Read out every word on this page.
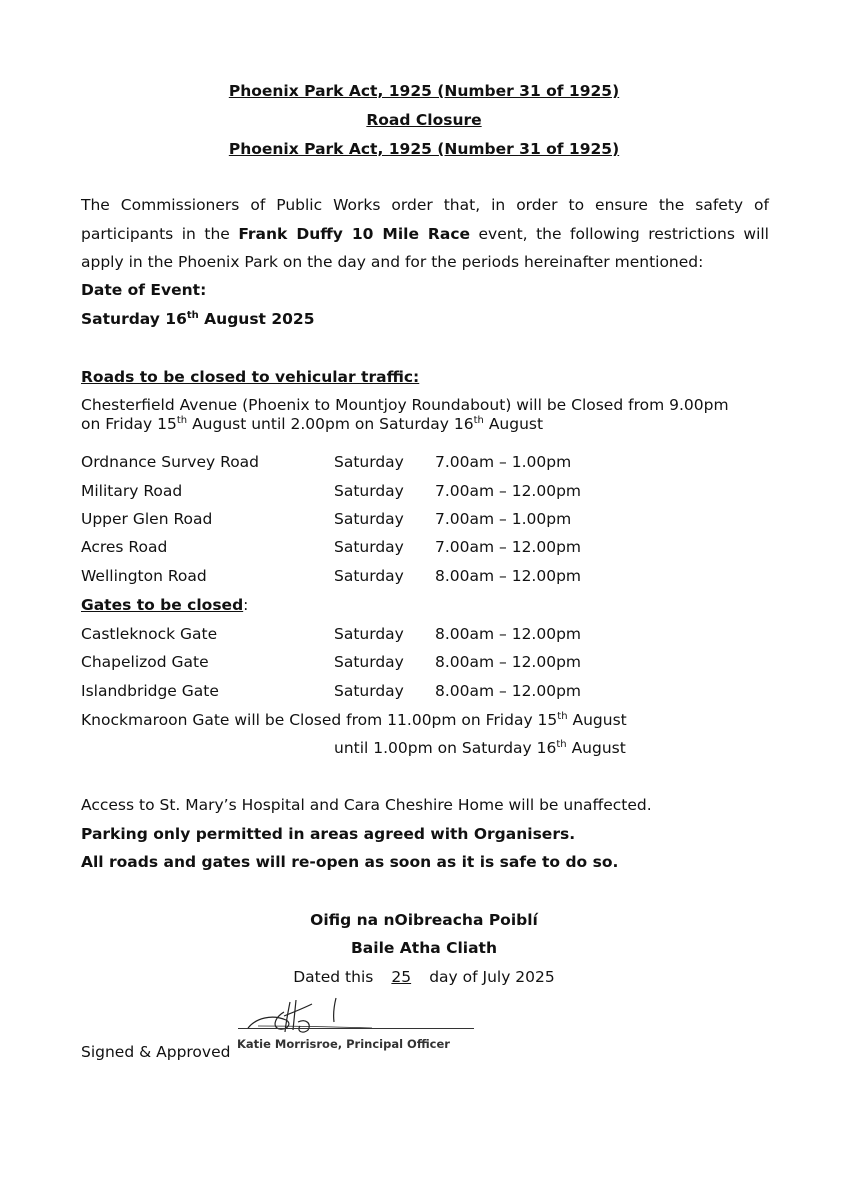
Phoenix Park Act, 1925 (Number 31 of 1925)
Road Closure
Phoenix Park Act, 1925 (Number 31 of 1925)
The Commissioners of Public Works order that, in order to ensure the safety of participants in the Frank Duffy 10 Mile Race event, the following restrictions will apply in the Phoenix Park on the day and for the periods hereinafter mentioned:
Date of Event:
Saturday 16th August 2025
Roads to be closed to vehicular traffic:
Chesterfield Avenue (Phoenix to Mountjoy Roundabout) will be Closed from 9.00pm
on Friday 15th August until 2.00pm on Saturday 16th August
Ordnance Survey Road	Saturday 7.00am – 1.00pm
Military Road	Saturday 7.00am – 12.00pm
Upper Glen Road	Saturday 7.00am – 1.00pm
Acres Road	Saturday 7.00am – 12.00pm
Wellington Road	Saturday 8.00am – 12.00pm
Gates to be closed:
Castleknock Gate	Saturday 8.00am – 12.00pm
Chapelizod Gate	Saturday 8.00am – 12.00pm
Islandbridge Gate	Saturday 8.00am – 12.00pm
Knockmaroon Gate will be Closed from 11.00pm on Friday 15th August
until 1.00pm on Saturday 16th August
Access to St. Mary’s Hospital and Cara Cheshire Home will be unaffected.
Parking only permitted in areas agreed with Organisers.
All roads and gates will re-open as soon as it is safe to do so.
Oifig na nOibreacha Poiblí
Baile Atha Cliath
Dated this 25 day of July 2025
Katie Morrisroe, Principal Officer
Signed & Approved
